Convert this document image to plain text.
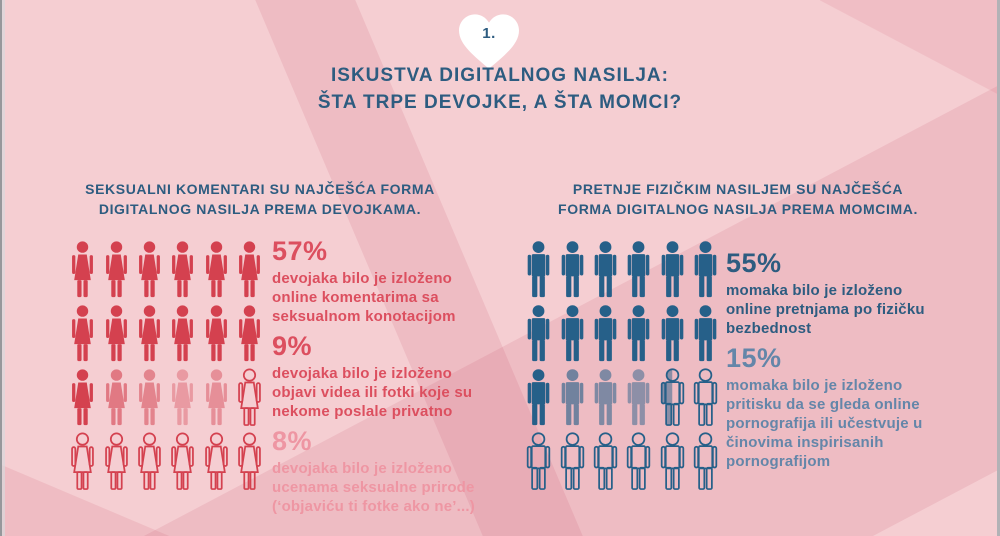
1.
ISKUSTVA DIGITALNOG NASILJA:
ŠTA TRPE DEVOJKE, A ŠTA MOMCI?
SEKSUALNI KOMENTARI SU NAJČEŠĆA FORMA
DIGITALNOG NASILJA PREMA DEVOJKAMA.
PRETNJE FIZIČKIM NASILJEM SU NAJČEŠĆA
FORMA DIGITALNOG NASILJA PREMA MOMCIMA.
57%
devojaka bilo je izloženo
online komentarima sa
seksualnom konotacijom
9%
devojaka bilo je izloženo
objavi videa ili fotki koje su
nekome poslale privatno
8%
devojaka bilo je izloženo
ucenama seksualne prirode
(‘objaviću ti fotke ako ne’...)
55%
momaka bilo je izloženo
online pretnjama po fizičku
bezbednost
15%
momaka bilo je izloženo
pritisku da se gleda online
pornografija ili učestvuje u
činovima inspirisanih
pornografijom
